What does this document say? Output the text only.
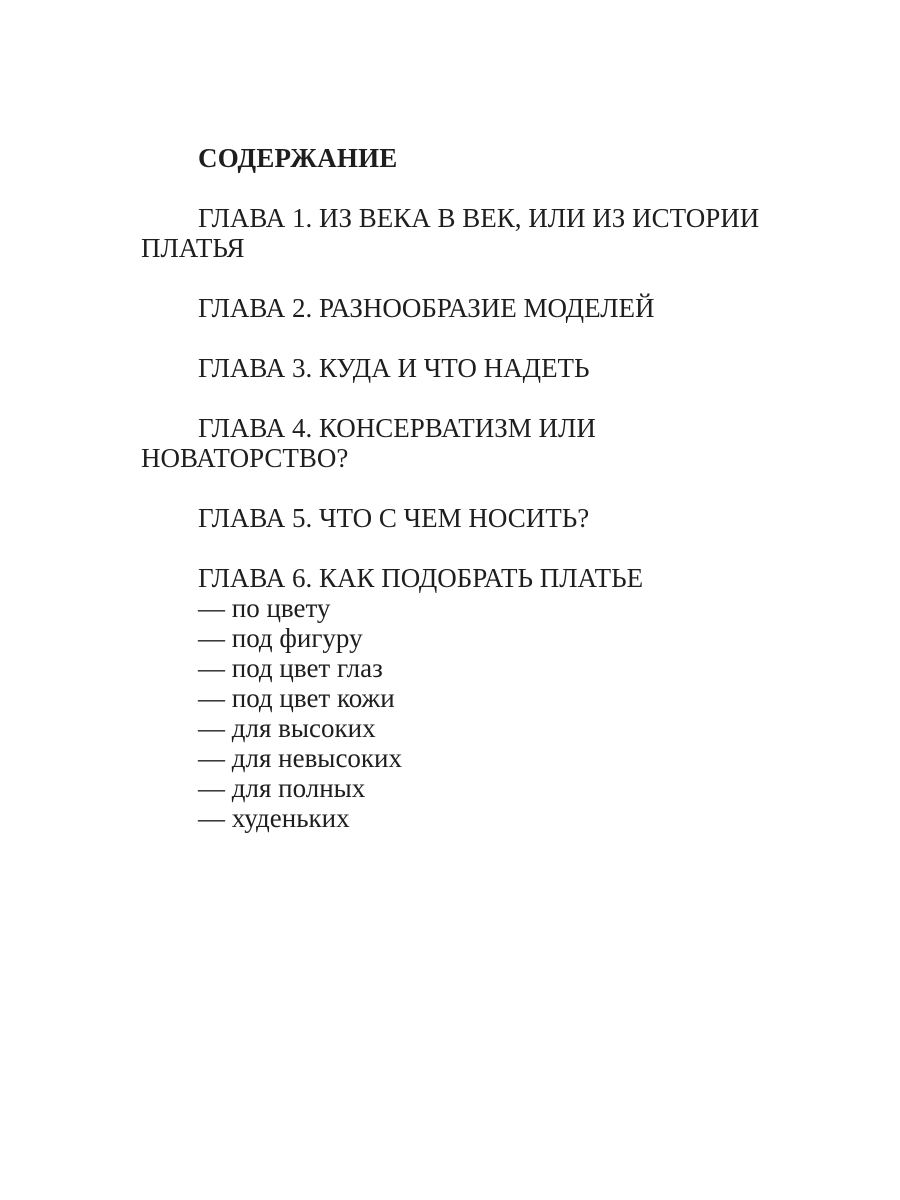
СОДЕРЖАНИЕ

ГЛАВА 1. ИЗ ВЕКА В ВЕК, ИЛИ ИЗ ИСТОРИИ ПЛАТЬЯ

ГЛАВА 2. РАЗНООБРАЗИЕ МОДЕЛЕЙ

ГЛАВА 3. КУДА И ЧТО НАДЕТЬ

ГЛАВА 4. КОНСЕРВАТИЗМ ИЛИ НОВАТОРСТВО?

ГЛАВА 5. ЧТО С ЧЕМ НОСИТЬ?

ГЛАВА 6. КАК ПОДОБРАТЬ ПЛАТЬЕ

— по цвету
— под фигуру
— под цвет глаз
— под цвет кожи
— для высоких
— для невысоких
— для полных
— худеньких
